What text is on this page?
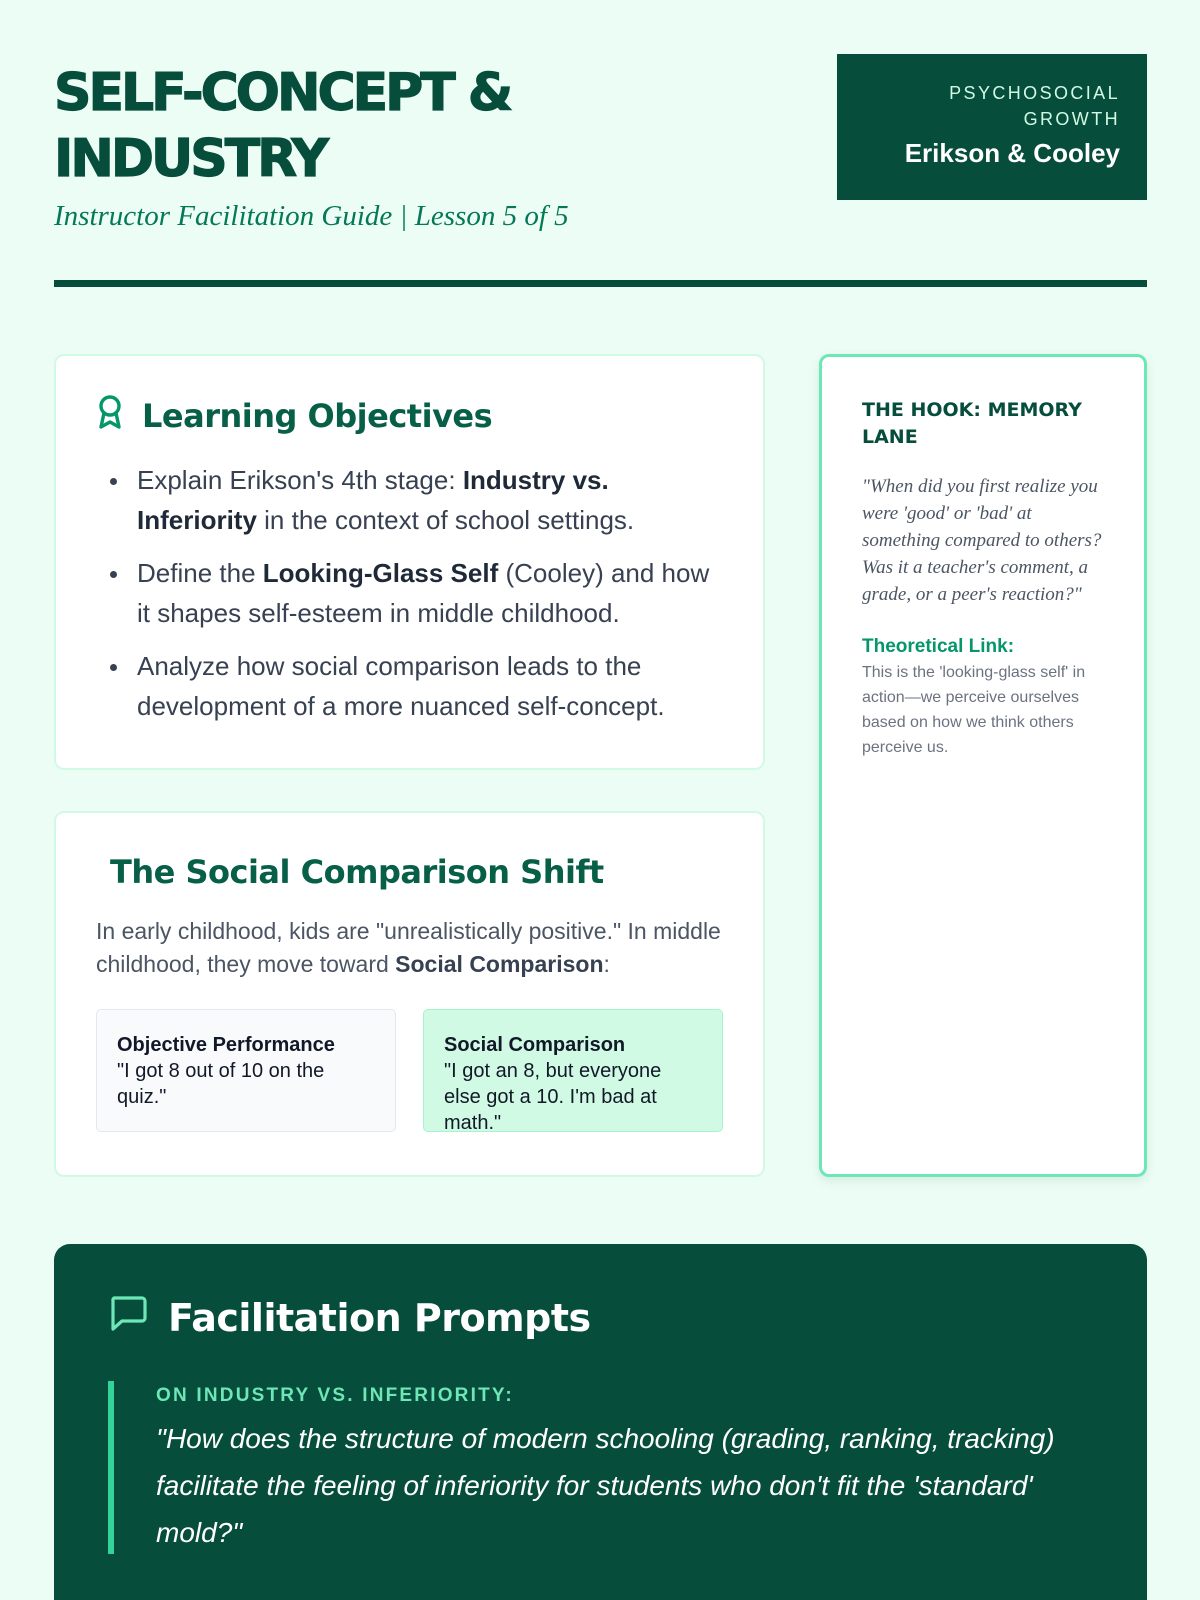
SELF-CONCEPT &
INDUSTRY
Instructor Facilitation Guide | Lesson 5 of 5
PSYCHOSOCIAL GROWTH
Erikson & Cooley
Learning Objectives
Explain Erikson's 4th stage: Industry vs. Inferiority in the context of school settings.
Define the Looking-Glass Self (Cooley) and how it shapes self-esteem in middle childhood.
Analyze how social comparison leads to the development of a more nuanced self-concept.
The Social Comparison Shift

In early childhood, kids are "unrealistically positive." In middle childhood, they move toward Social Comparison:

Objective Performance
"I got 8 out of 10 on the quiz."
Social Comparison
"I got an 8, but everyone else got a 10. I'm bad at math."
THE HOOK: MEMORY LANE
"When did you first realize you were 'good' or 'bad' at something compared to others? Was it a teacher's comment, a grade, or a peer's reaction?"
Theoretical Link:
This is the 'looking-glass self' in action—we perceive ourselves based on how we think others perceive us.
Facilitation Prompts
ON INDUSTRY VS. INFERIORITY:
"How does the structure of modern schooling (grading, ranking, tracking) facilitate the feeling of inferiority for students who don't fit the 'standard' mold?"
